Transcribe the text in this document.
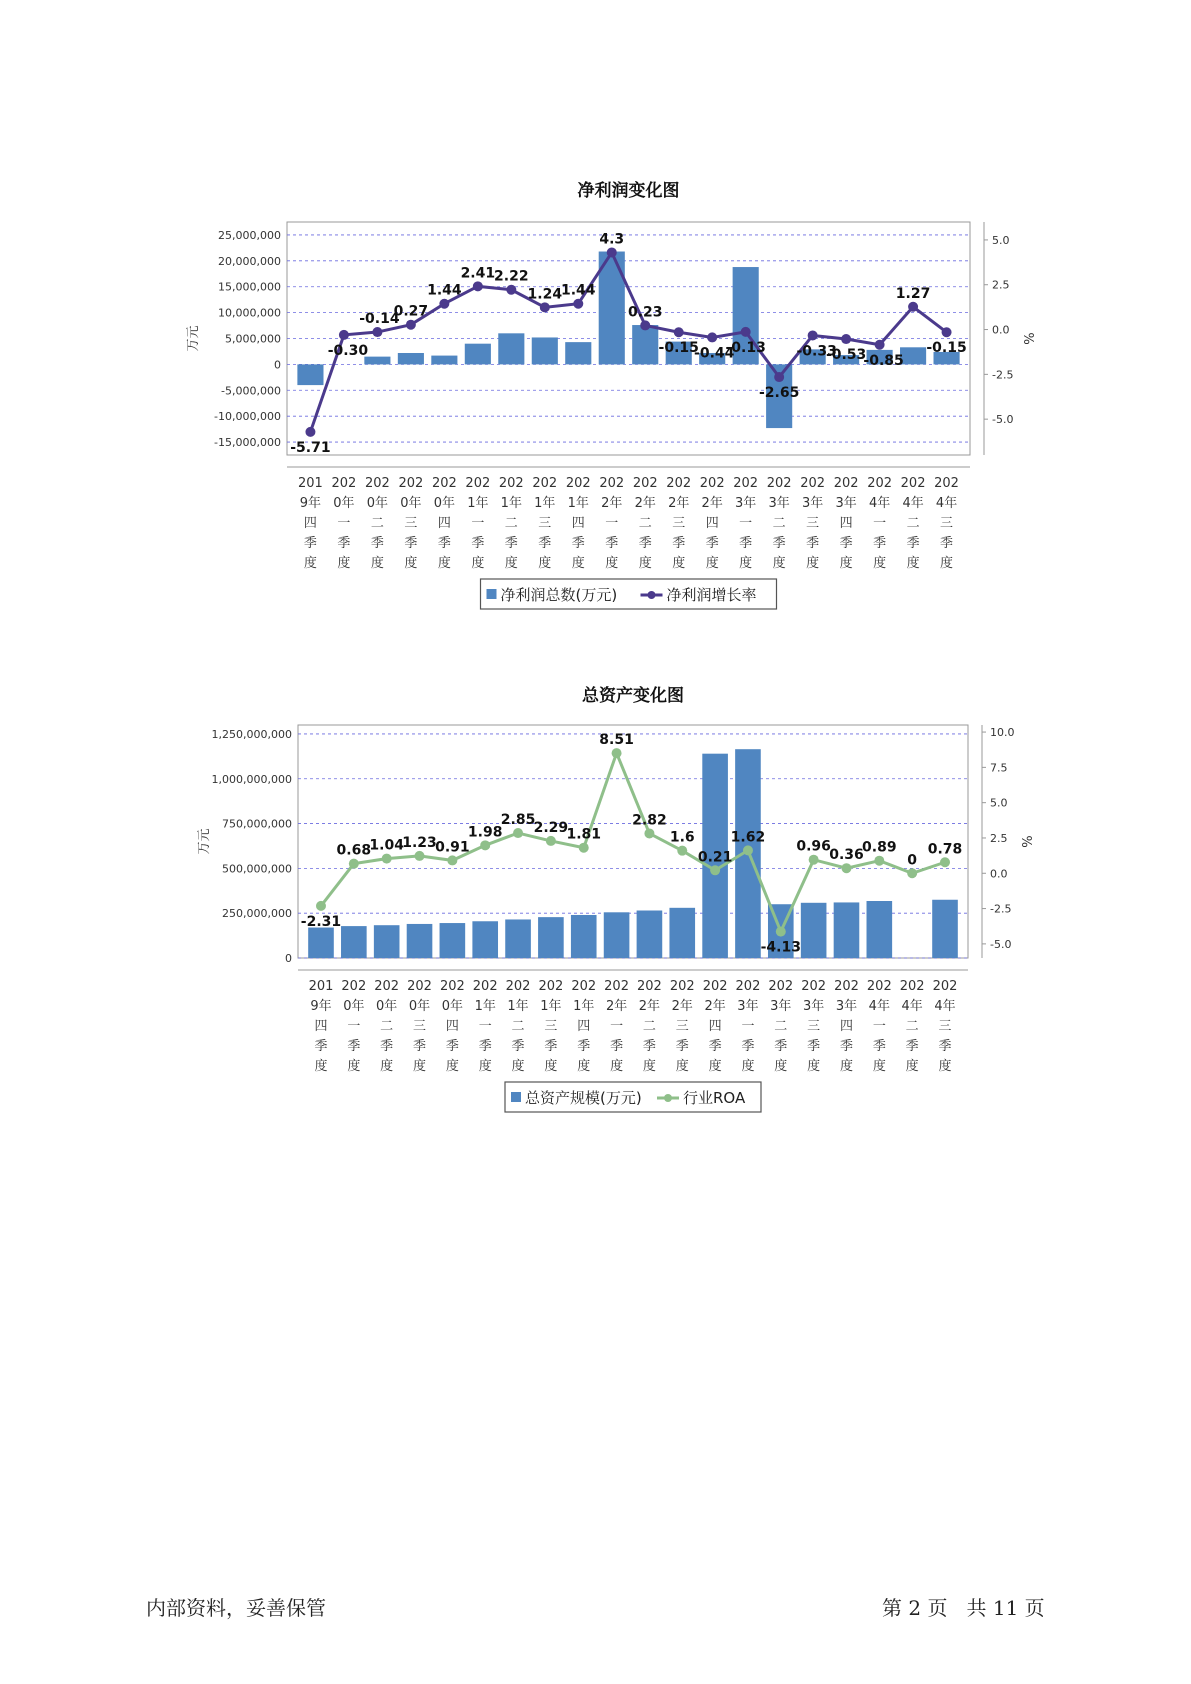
净利润变化图
-15,000,000
-10,000,000
-5,000,000
0
5,000,000
10,000,000
15,000,000
20,000,000
25,000,000
-5.0
-2.5
0.0
2.5
5.0
万元	%
-5.71
-0.30
-0.14
0.27
1.44
2.41
2.22
1.24
1.44
4.3
0.23
-0.15
-0.44
-0.13
-2.65
-0.33
-0.53
-0.85
1.27
-0.15
201 9年四季度
202 0年一季度
202 0年二季度
202 0年三季度
202 0年四季度
202 1年一季度
202 1年二季度
202 1年三季度
202 1年四季度
202 2年一季度
202 2年二季度
202 2年三季度
202 2年四季度
202 3年一季度
202 3年二季度
202 3年三季度
202 3年四季度
202 4年一季度
202 4年二季度
202 4年三季度
净利润总数(万元)	净利润增长率
总资产变化图
0
250,000,000
500,000,000
750,000,000
1,000,000,000
1,250,000,000
-5.0
-2.5
0.0
2.5
5.0
7.5
10.0
万元	%
-2.31
0.68
1.04
1.23
0.91
1.98
2.85
2.29
1.81
8.51
2.82
1.6
0.21
1.62
-4.13
0.96
0.36
0.89
0
0.78
201 9年四季度
202 0年一季度
202 0年二季度
202 0年三季度
202 0年四季度
202 1年一季度
202 1年二季度
202 1年三季度
202 1年四季度
202 2年一季度
202 2年二季度
202 2年三季度
202 2年四季度
202 3年一季度
202 3年二季度
202 3年三季度
202 3年四季度
202 4年一季度
202 4年二季度
202 4年三季度
总资产规模(万元)	行业ROA
内部资料，妥善保管	第 2 页   共 11 页
